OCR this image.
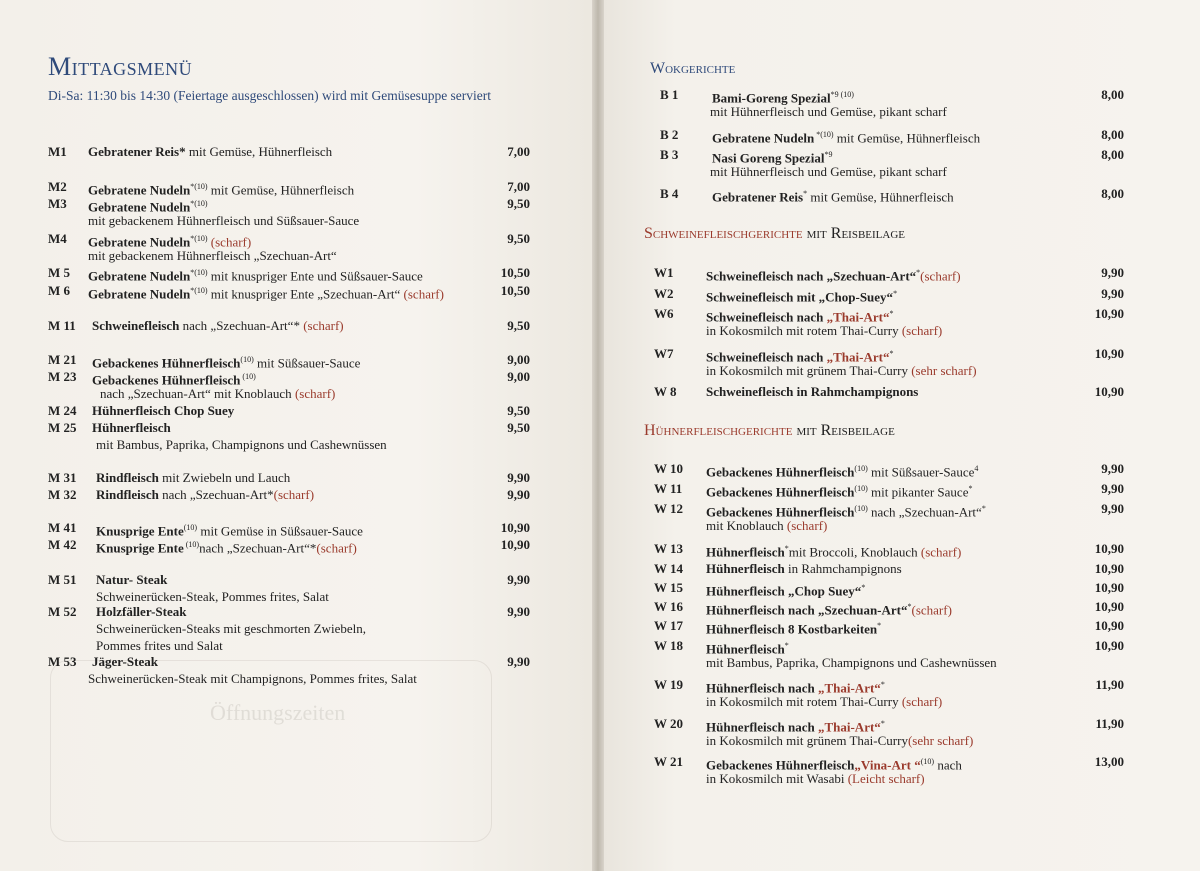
Öffnungszeiten
Mittagsmenü
Di-Sa: 11:30 bis 14:30 (Feiertage ausgeschlossen) wird mit Gemüsesuppe serviert
M1 Gebratener Reis* mit Gemüse, Hühnerfleisch	7,00
M2 Gebratene Nudeln$^{*(10)}$ mit Gemüse, Hühnerfleisch	7,00
M3 Gebratene Nudeln$^{*(10)}$	9,50
mit gebackenem Hühnerfleisch und Süßsauer-Sauce
M4 Gebratene Nudeln$^{*(10)}$ (scharf)	9,50
mit gebackenem Hühnerfleisch „Szechuan-Art“
M 5 Gebratene Nudeln$^{*(10)}$ mit knuspriger Ente und Süßsauer-Sauce	10,50
M 6 Gebratene Nudeln$^{*(10)}$ mit knuspriger Ente „Szechuan-Art“ (scharf)	10,50
M 11 Schweinefleisch nach „Szechuan-Art“* (scharf)	9,50
M 21 Gebackenes Hühnerfleisch$^{(10)}$ mit Süßsauer-Sauce	9,00
M 23 Gebackenes Hühnerfleisch $^{(10)}$	9,00
nach „Szechuan-Art“ mit Knoblauch (scharf)
M 24 Hühnerfleisch Chop Suey	9,50
M 25 Hühnerfleisch	9,50
mit Bambus, Paprika, Champignons und Cashewnüssen
M 31 Rindfleisch mit Zwiebeln und Lauch	9,90
M 32 Rindfleisch nach „Szechuan-Art*(scharf)	9,90
M 41 Knusprige Ente$^{(10)}$ mit Gemüse in Süßsauer-Sauce	10,90
M 42 Knusprige Ente $^{(10)}$nach „Szechuan-Art“*(scharf)	10,90
M 51 Natur- Steak	9,90
Schweinerücken-Steak, Pommes frites, Salat
M 52 Holzfäller-Steak	9,90
Schweinerücken-Steaks mit geschmorten Zwiebeln,
Pommes frites und Salat
M 53 Jäger-Steak	9,90
Schweinerücken-Steak mit Champignons, Pommes frites, Salat
Wokgerichte
B 1	Bami-Goreng Spezial$^{*9 (10)}$	8,00
mit Hühnerfleisch und Gemüse, pikant scharf
B 2	Gebratene Nudeln $^{*(10)}$ mit Gemüse, Hühnerfleisch	8,00
B 3	Nasi Goreng Spezial$^{*9}$	8,00
mit Hühnerfleisch und Gemüse, pikant scharf
B 4	Gebratener Reis* mit Gemüse, Hühnerfleisch	8,00
Schweinefleischgerichte mit Reisbeilage
W1	Schweinefleisch nach „Szechuan-Art“*(scharf)	9,90
W2	Schweinefleisch mit „Chop-Suey“*	9,90
W6	Schweinefleisch nach „Thai-Art“*	10,90
in Kokosmilch mit rotem Thai-Curry (scharf)
W7	Schweinefleisch nach „Thai-Art“*	10,90
in Kokosmilch mit grünem Thai-Curry (sehr scharf)
W 8 Schweinefleisch in Rahmchampignons	10,90
Hühnerfleischgerichte mit Reisbeilage
W 10 Gebackenes Hühnerfleisch$^{(10)}$ mit Süßsauer-Sauce$^4$	9,90
W 11 Gebackenes Hühnerfleisch$^{(10)}$ mit pikanter Sauce*	9,90
W 12 Gebackenes Hühnerfleisch$^{(10)}$ nach „Szechuan-Art“*	9,90
mit Knoblauch (scharf)
W 13 Hühnerfleisch*mit Broccoli, Knoblauch (scharf)	10,90
W 14 Hühnerfleisch in Rahmchampignons	10,90
W 15 Hühnerfleisch „Chop Suey“*	10,90
W 16 Hühnerfleisch nach „Szechuan-Art“*(scharf)	10,90
W 17 Hühnerfleisch 8 Kostbarkeiten*	10,90
W 18 Hühnerfleisch*	10,90
mit Bambus, Paprika, Champignons und Cashewnüssen
W 19 Hühnerfleisch nach „Thai-Art“*	11,90
in Kokosmilch mit rotem Thai-Curry (scharf)
W 20 Hühnerfleisch nach „Thai-Art“*	11,90
in Kokosmilch mit grünem Thai-Curry(sehr scharf)
W 21 Gebackenes Hühnerfleisch„Vina-Art “$^{(10)}$ nach	13,00
in Kokosmilch mit Wasabi (Leicht scharf)
